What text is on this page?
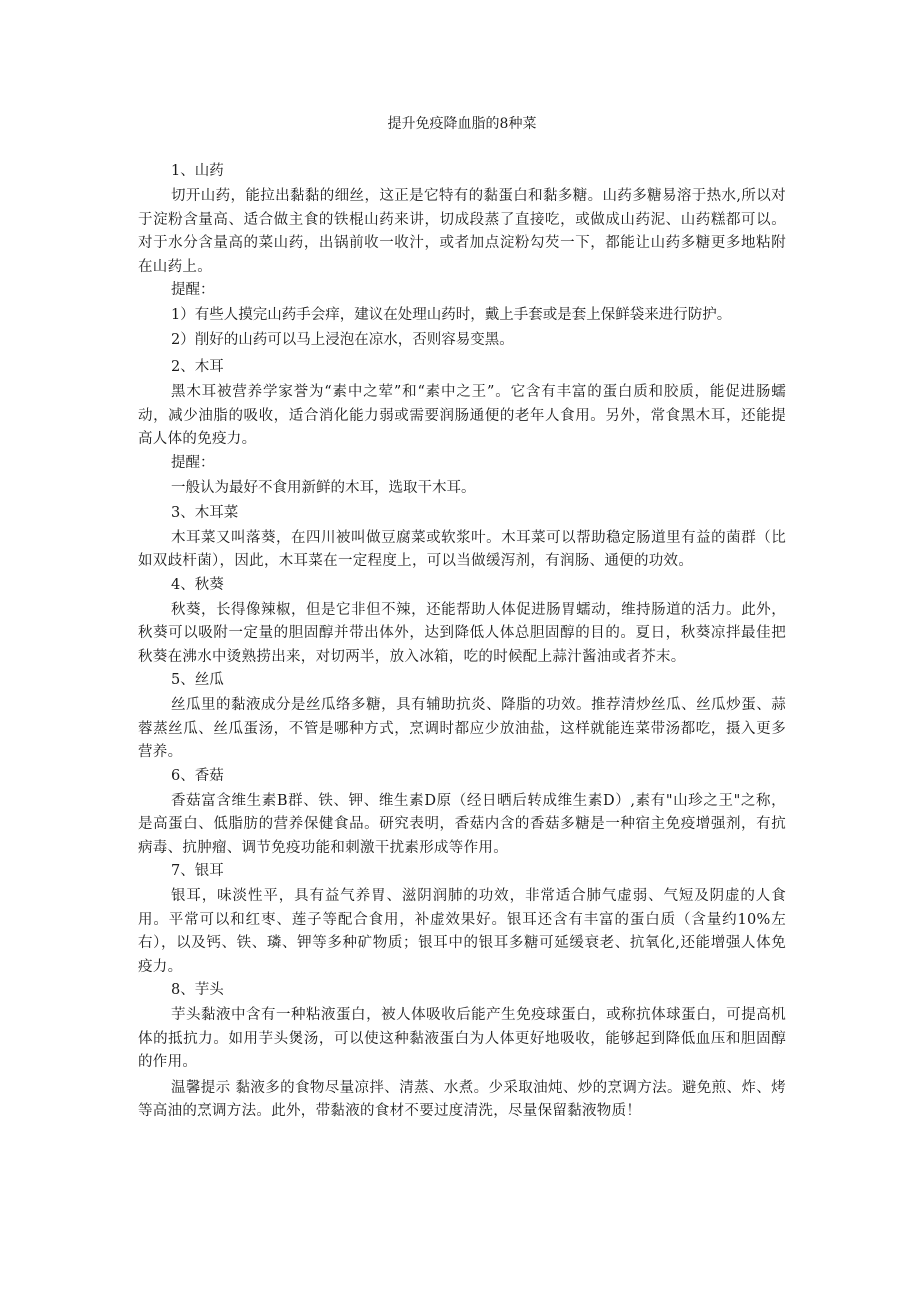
提升免疫降血脂的8种菜

1、山药

切开山药，能拉出黏黏的细丝，这正是它特有的黏蛋白和黏多糖。山药多糖易溶于热水,所以对于淀粉含量高、适合做主食的铁棍山药来讲，切成段蒸了直接吃，或做成山药泥、山药糕都可以。对于水分含量高的菜山药，出锅前收一收汁，或者加点淀粉勾芡一下，都能让山药多糖更多地粘附在山药上。

提醒：

1）有些人摸完山药手会痒，建议在处理山药时，戴上手套或是套上保鲜袋来进行防护。

2）削好的山药可以马上浸泡在凉水，否则容易变黑。

2、木耳

黑木耳被营养学家誉为“素中之荤”和“素中之王”。它含有丰富的蛋白质和胶质，能促进肠蠕动，减少油脂的吸收，适合消化能力弱或需要润肠通便的老年人食用。另外，常食黑木耳，还能提高人体的免疫力。

提醒：

一般认为最好不食用新鲜的木耳，选取干木耳。

3、木耳菜

木耳菜又叫落葵，在四川被叫做豆腐菜或软浆叶。木耳菜可以帮助稳定肠道里有益的菌群（比如双歧杆菌），因此，木耳菜在一定程度上，可以当做缓泻剂，有润肠、通便的功效。

4、秋葵

秋葵，长得像辣椒，但是它非但不辣，还能帮助人体促进肠胃蠕动，维持肠道的活力。此外，秋葵可以吸附一定量的胆固醇并带出体外，达到降低人体总胆固醇的目的。夏日，秋葵凉拌最佳把秋葵在沸水中烫熟捞出来，对切两半，放入冰箱，吃的时候配上蒜汁酱油或者芥末。

5、丝瓜

丝瓜里的黏液成分是丝瓜络多糖，具有辅助抗炎、降脂的功效。推荐清炒丝瓜、丝瓜炒蛋、蒜蓉蒸丝瓜、丝瓜蛋汤，不管是哪种方式，烹调时都应少放油盐，这样就能连菜带汤都吃，摄入更多营养。

6、香菇

香菇富含维生素B群、铁、钾、维生素D原（经日晒后转成维生素D）,素有"山珍之王"之称，是高蛋白、低脂肪的营养保健食品。研究表明，香菇内含的香菇多糖是一种宿主免疫增强剂，有抗病毒、抗肿瘤、调节免疫功能和刺激干扰素形成等作用。

7、银耳

银耳，味淡性平，具有益气养胃、滋阴润肺的功效，非常适合肺气虚弱、气短及阴虚的人食用。平常可以和红枣、莲子等配合食用，补虚效果好。银耳还含有丰富的蛋白质（含量约10%左右），以及钙、铁、璘、钾等多种矿物质；银耳中的银耳多糖可延缓衰老、抗氧化,还能增强人体免疫力。

8、芋头

芋头黏液中含有一种粘液蛋白，被人体吸收后能产生免疫球蛋白，或称抗体球蛋白，可提高机体的抵抗力。如用芋头煲汤，可以使这种黏液蛋白为人体更好地吸收，能够起到降低血压和胆固醇的作用。

温馨提示 黏液多的食物尽量凉拌、清蒸、水煮。少采取油炖、炒的烹调方法。避免煎、炸、烤等高油的烹调方法。此外，带黏液的食材不要过度清洗，尽量保留黏液物质！
